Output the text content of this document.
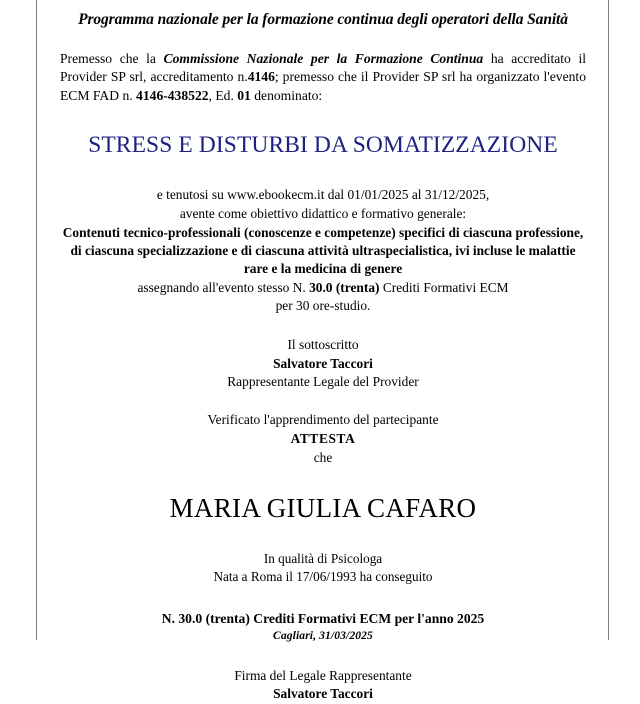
Programma nazionale per la formazione continua degli operatori della Sanità

Premesso che la Commissione Nazionale per la Formazione Continua ha accreditato il Provider SP srl, accreditamento n.4146; premesso che il Provider SP srl ha organizzato l'evento ECM FAD n. 4146-438522, Ed. 01 denominato:

STRESS E DISTURBI DA SOMATIZZAZIONE
e tenutosi su www.ebookecm.it dal 01/01/2025 al 31/12/2025,
avente come obiettivo didattico e formativo generale:
Contenuti tecnico-professionali (conoscenze e competenze) specifici di ciascuna professione, di ciascuna specializzazione e di ciascuna attività ultraspecialistica, ivi incluse le malattie rare e la medicina di genere
assegnando all'evento stesso N. 30.0 (trenta) Crediti Formativi ECM
per 30 ore-studio.
Il sottoscritto
Salvatore Taccori
Rappresentante Legale del Provider
Verificato l'apprendimento del partecipante
ATTESTA
che
MARIA GIULIA CAFARO
In qualità di Psicologa
Nata a Roma il 17/06/1993 ha conseguito
N. 30.0 (trenta) Crediti Formativi ECM per l'anno 2025
Cagliari, 31/03/2025
Firma del Legale Rappresentante
Salvatore Taccori
